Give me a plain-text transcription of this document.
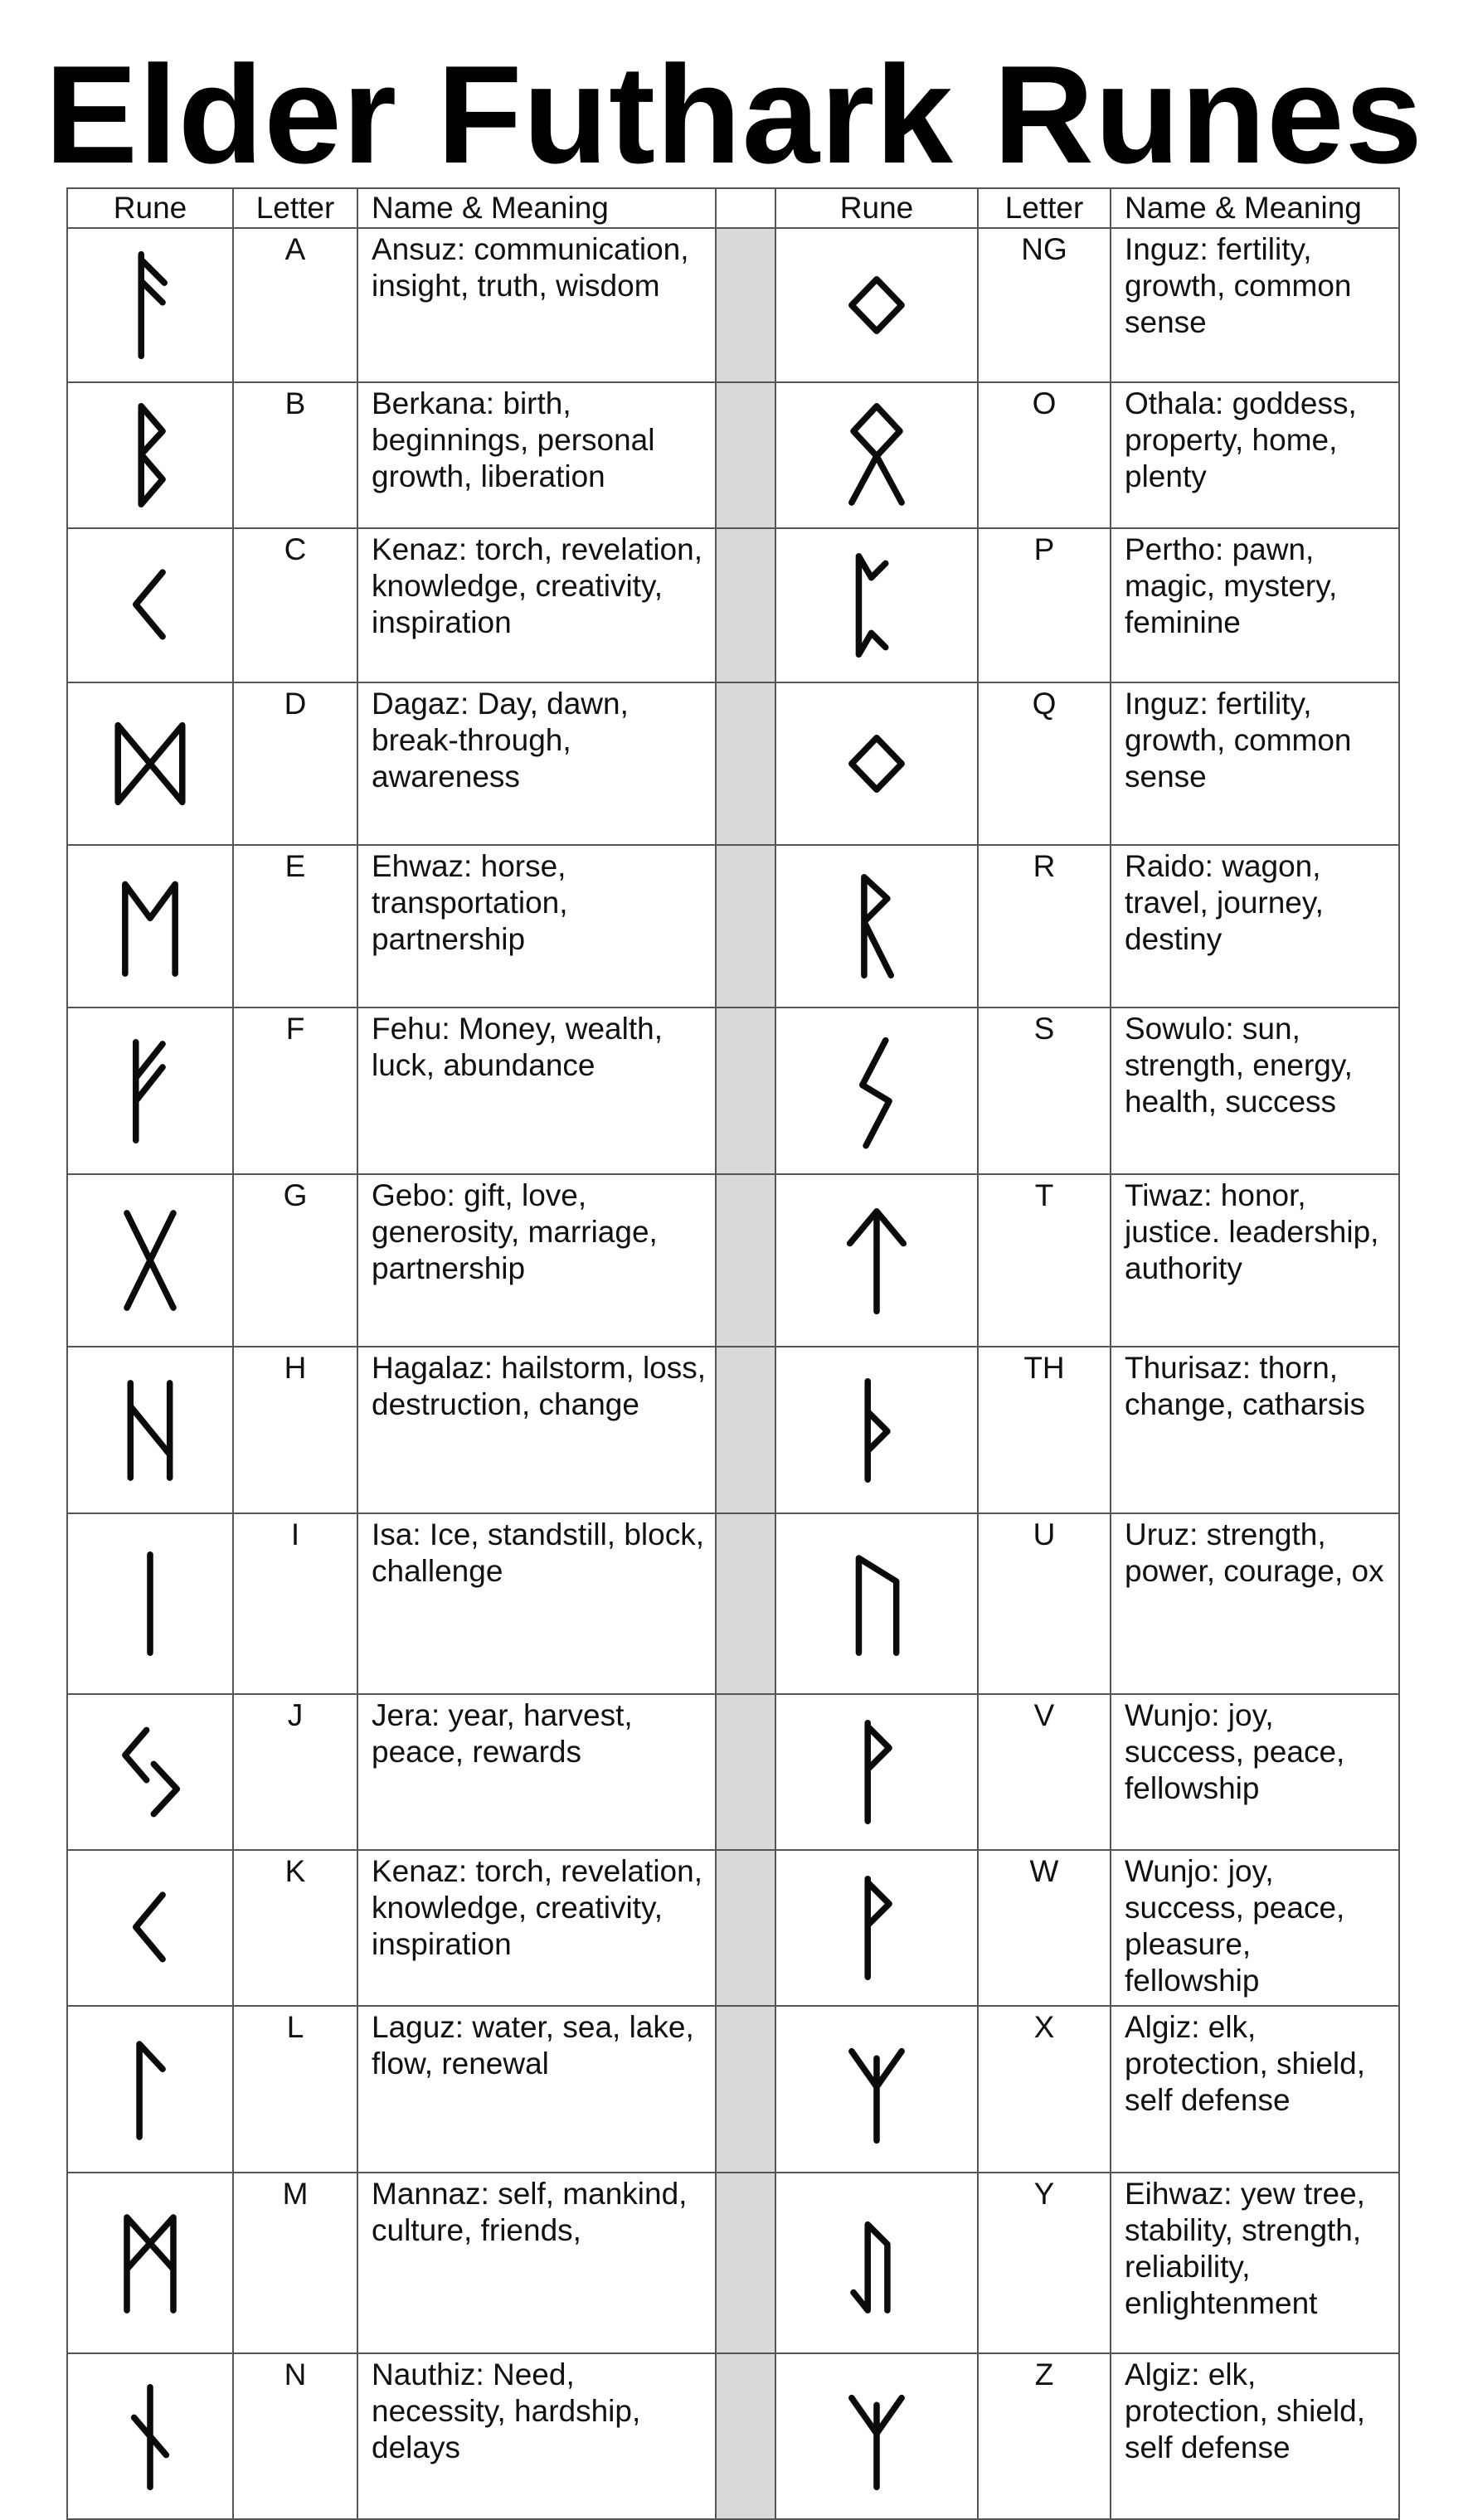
Elder Futhark Runes
Rune	Letter	Name & Meaning		Rune	Letter	Name & Meaning

	A	Ansuz: communication, insight, truth, wisdom			NG	Inguz: fertility, growth, common sense

	B	Berkana: birth, beginnings, personal growth, liberation			O	Othala: goddess, property, home, plenty

	C	Kenaz: torch, revelation, knowledge, creativity, inspiration			P	Pertho: pawn, magic, mystery, feminine

	D	Dagaz: Day, dawn, break-through, awareness			Q	Inguz: fertility, growth, common sense

	E	Ehwaz: horse, transportation, partnership			R	Raido: wagon, travel, journey, destiny

	F	Fehu: Money, wealth, luck, abundance			S	Sowulo: sun, strength, energy, health, success

	G	Gebo: gift, love, generosity, marriage, partnership			T	Tiwaz: honor, justice. leadership, authority

	H	Hagalaz: hailstorm, loss, destruction, change			TH	Thurisaz: thorn, change, catharsis

	I	Isa: Ice, standstill, block, challenge			U	Uruz: strength, power, courage, ox

	J	Jera: year, harvest, peace, rewards			V	Wunjo: joy, success, peace, fellowship

	K	Kenaz: torch, revelation, knowledge, creativity, inspiration			W	Wunjo: joy, success, peace, pleasure, fellowship

	L	Laguz: water, sea, lake, flow, renewal			X	Algiz: elk, protection, shield, self defense

	M	Mannaz: self, mankind, culture, friends,			Y	Eihwaz: yew tree, stability, strength, reliability, enlightenment

	N	Nauthiz: Need, necessity, hardship, delays			Z	Algiz: elk, protection, shield, self defense
